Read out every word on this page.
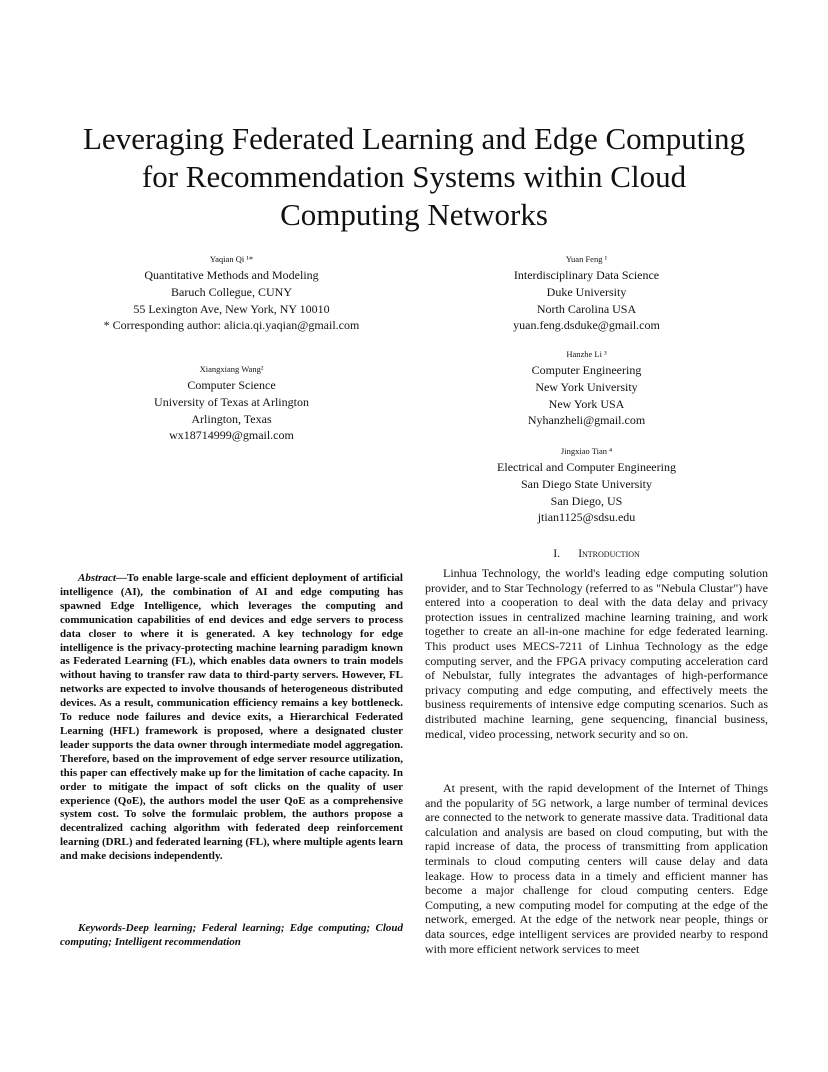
Leveraging Federated Learning and Edge Computing
for Recommendation Systems within Cloud
Computing Networks
Yaqian Qi ¹*
Quantitative Methods and Modeling
Baruch Collegue, CUNY
55 Lexington Ave, New York, NY 10010
* Corresponding author: alicia.qi.yaqian@gmail.com
Yuan Feng ¹
Interdisciplinary Data Science
Duke University
North Carolina USA
yuan.feng.dsduke@gmail.com
Xiangxiang Wang²
Computer Science
University of Texas at Arlington
Arlington, Texas
wx18714999@gmail.com
Hanzhe Li ³
Computer Engineering
New York University
New York USA
Nyhanzheli@gmail.com
Jingxiao Tian ⁴
Electrical and Computer Engineering
San Diego State University
San Diego, US
jtian1125@sdsu.edu
Abstract—To enable large-scale and efficient deployment of artificial intelligence (AI), the combination of AI and edge computing has spawned Edge Intelligence, which leverages the computing and communication capabilities of end devices and edge servers to process data closer to where it is generated. A key technology for edge intelligence is the privacy-protecting machine learning paradigm known as Federated Learning (FL), which enables data owners to train models without having to transfer raw data to third-party servers. However, FL networks are expected to involve thousands of heterogeneous distributed devices. As a result, communication efficiency remains a key bottleneck. To reduce node failures and device exits, a Hierarchical Federated Learning (HFL) framework is proposed, where a designated cluster leader supports the data owner through intermediate model aggregation. Therefore, based on the improvement of edge server resource utilization, this paper can effectively make up for the limitation of cache capacity. In order to mitigate the impact of soft clicks on the quality of user experience (QoE), the authors model the user QoE as a comprehensive system cost. To solve the formulaic problem, the authors propose a decentralized caching algorithm with federated deep reinforcement learning (DRL) and federated learning (FL), where multiple agents learn and make decisions independently.
Keywords-Deep learning; Federal learning; Edge computing; Cloud computing; Intelligent recommendation
I. Introduction
Linhua Technology, the world's leading edge computing solution provider, and to Star Technology (referred to as "Nebula Clustar") have entered into a cooperation to deal with the data delay and privacy protection issues in centralized machine learning training, and work together to create an all-in-one machine for edge federated learning. This product uses MECS-7211 of Linhua Technology as the edge computing server, and the FPGA privacy computing acceleration card of Nebulstar, fully integrates the advantages of high-performance privacy computing and edge computing, and effectively meets the business requirements of intensive edge computing scenarios. Such as distributed machine learning, gene sequencing, financial business, medical, video processing, network security and so on.
At present, with the rapid development of the Internet of Things and the popularity of 5G network, a large number of terminal devices are connected to the network to generate massive data. Traditional data calculation and analysis are based on cloud computing, but with the rapid increase of data, the process of transmitting from application terminals to cloud computing centers will cause delay and data leakage. How to process data in a timely and efficient manner has become a major challenge for cloud computing centers. Edge Computing, a new computing model for computing at the edge of the network, emerged. At the edge of the network near people, things or data sources, edge intelligent services are provided nearby to respond with more efficient network services to meet
